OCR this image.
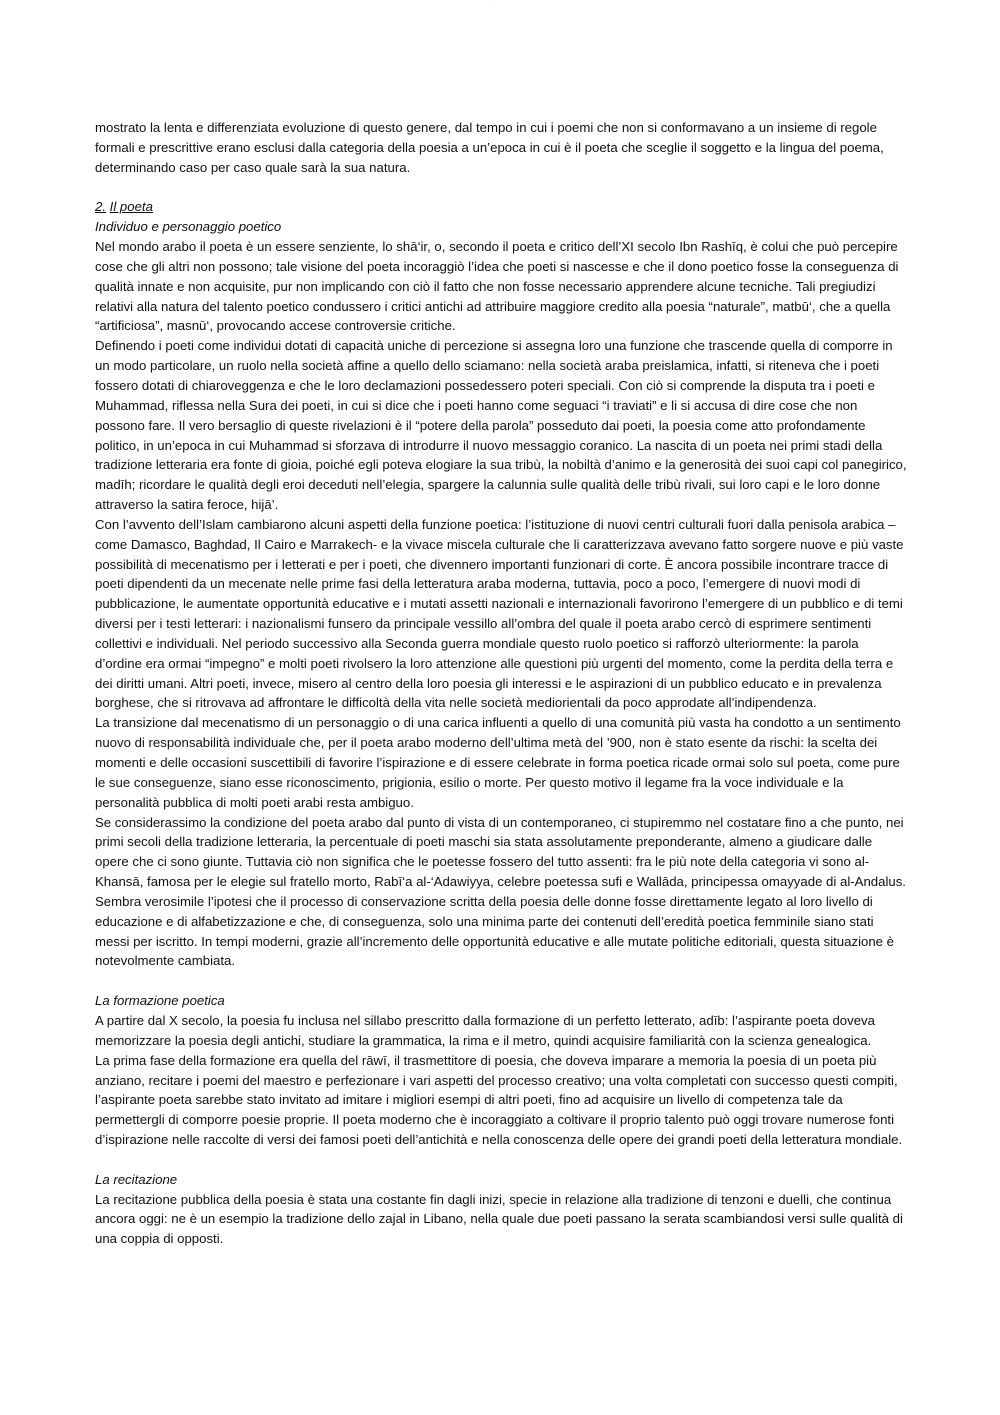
· · · · · ·

mostrato la lenta e differenziata evoluzione di questo genere, dal tempo in cui i poemi che non si conformavano a un insieme di regole formali e prescrittive erano esclusi dalla categoria della poesia a un’epoca in cui è il poeta che sceglie il soggetto e la lingua del poema, determinando caso per caso quale sarà la sua natura.

2. Il poeta

Individuo e personaggio poetico

Nel mondo arabo il poeta è un essere senziente, lo shā‘ir, o, secondo il poeta e critico dell’XI secolo Ibn Rashīq, è colui che può percepire cose che gli altri non possono; tale visione del poeta incoraggiò l’idea che poeti si nascesse e che il dono poetico fosse la conseguenza di qualità innate e non acquisite, pur non implicando con ciò il fatto che non fosse necessario apprendere alcune tecniche. Tali pregiudizi relativi alla natura del talento poetico condussero i critici antichi ad attribuire maggiore credito alla poesia “naturale”, matbū‘, che a quella “artificiosa”, masnū‘, provocando accese controversie critiche.

Definendo i poeti come individui dotati di capacità uniche di percezione si assegna loro una funzione che trascende quella di comporre in un modo particolare, un ruolo nella società affine a quello dello sciamano: nella società araba preislamica, infatti, si riteneva che i poeti fossero dotati di chiaroveggenza e che le loro declamazioni possedessero poteri speciali. Con ciò si comprende la disputa tra i poeti e Muhammad, riflessa nella Sura dei poeti, in cui si dice che i poeti hanno come seguaci “i traviati” e li si accusa di dire cose che non possono fare. Il vero bersaglio di queste rivelazioni è il “potere della parola” posseduto dai poeti, la poesia come atto profondamente politico, in un’epoca in cui Muhammad si sforzava di introdurre il nuovo messaggio coranico. La nascita di un poeta nei primi stadi della tradizione letteraria era fonte di gioia, poiché egli poteva elogiare la sua tribù, la nobiltà d’animo e la generosità dei suoi capi col panegirico, madīh; ricordare le qualità degli eroi deceduti nell’elegia, spargere la calunnia sulle qualità delle tribù rivali, sui loro capi e le loro donne attraverso la satira feroce, hijā’.

Con l’avvento dell’Islam cambiarono alcuni aspetti della funzione poetica: l’istituzione di nuovi centri culturali fuori dalla penisola arabica – come Damasco, Baghdad, Il Cairo e Marrakech- e la vivace miscela culturale che li caratterizzava avevano fatto sorgere nuove e più vaste possibilità di mecenatismo per i letterati e per i poeti, che divennero importanti funzionari di corte. È ancora possibile incontrare tracce di poeti dipendenti da un mecenate nelle prime fasi della letteratura araba moderna, tuttavia, poco a poco, l’emergere di nuovi modi di pubblicazione, le aumentate opportunità educative e i mutati assetti nazionali e internazionali favorirono l’emergere di un pubblico e di temi diversi per i testi letterari: i nazionalismi funsero da principale vessillo all’ombra del quale il poeta arabo cercò di esprimere sentimenti collettivi e individuali. Nel periodo successivo alla Seconda guerra mondiale questo ruolo poetico si rafforzò ulteriormente: la parola d’ordine era ormai “impegno” e molti poeti rivolsero la loro attenzione alle questioni più urgenti del momento, come la perdita della terra e dei diritti umani. Altri poeti, invece, misero al centro della loro poesia gli interessi e le aspirazioni di un pubblico educato e in prevalenza borghese, che si ritrovava ad affrontare le difficoltà della vita nelle società mediorientali da poco approdate all’indipendenza.

La transizione dal mecenatismo di un personaggio o di una carica influenti a quello di una comunità più vasta ha condotto a un sentimento nuovo di responsabilità individuale che, per il poeta arabo moderno dell’ultima metà del ’900, non è stato esente da rischi: la scelta dei momenti e delle occasioni suscettibili di favorire l’ispirazione e di essere celebrate in forma poetica ricade ormai solo sul poeta, come pure le sue conseguenze, siano esse riconoscimento, prigionia, esilio o morte. Per questo motivo il legame fra la voce individuale e la personalità pubblica di molti poeti arabi resta ambiguo.

Se considerassimo la condizione del poeta arabo dal punto di vista di un contemporaneo, ci stupiremmo nel costatare fino a che punto, nei primi secoli della tradizione letteraria, la percentuale di poeti maschi sia stata assolutamente preponderante, almeno a giudicare dalle opere che ci sono giunte. Tuttavia ciò non significa che le poetesse fossero del tutto assenti: fra le più note della categoria vi sono al-Khansā, famosa per le elegie sul fratello morto, Rabī‘a al-‘Adawiyya, celebre poetessa sufi e Wallāda, principessa omayyade di al-Andalus. Sembra verosimile l’ipotesi che il processo di conservazione scritta della poesia delle donne fosse direttamente legato al loro livello di educazione e di alfabetizzazione e che, di conseguenza, solo una minima parte dei contenuti dell’eredità poetica femminile siano stati messi per iscritto. In tempi moderni, grazie all’incremento delle opportunità educative e alle mutate politiche editoriali, questa situazione è notevolmente cambiata.

La formazione poetica

A partire dal X secolo, la poesia fu inclusa nel sillabo prescritto dalla formazione di un perfetto letterato, adīb: l’aspirante poeta doveva memorizzare la poesia degli antichi, studiare la grammatica, la rima e il metro, quindi acquisire familiarità con la scienza genealogica.

La prima fase della formazione era quella del rāwī, il trasmettitore di poesia, che doveva imparare a memoria la poesia di un poeta più anziano, recitare i poemi del maestro e perfezionare i vari aspetti del processo creativo; una volta completati con successo questi compiti, l’aspirante poeta sarebbe stato invitato ad imitare i migliori esempi di altri poeti, fino ad acquisire un livello di competenza tale da permettergli di comporre poesie proprie. Il poeta moderno che è incoraggiato a coltivare il proprio talento può oggi trovare numerose fonti d’ispirazione nelle raccolte di versi dei famosi poeti dell’antichità e nella conoscenza delle opere dei grandi poeti della letteratura mondiale.

La recitazione

La recitazione pubblica della poesia è stata una costante fin dagli inizi, specie in relazione alla tradizione di tenzoni e duelli, che continua ancora oggi: ne è un esempio la tradizione dello zajal in Libano, nella quale due poeti passano la serata scambiandosi versi sulle qualità di una coppia di opposti.
